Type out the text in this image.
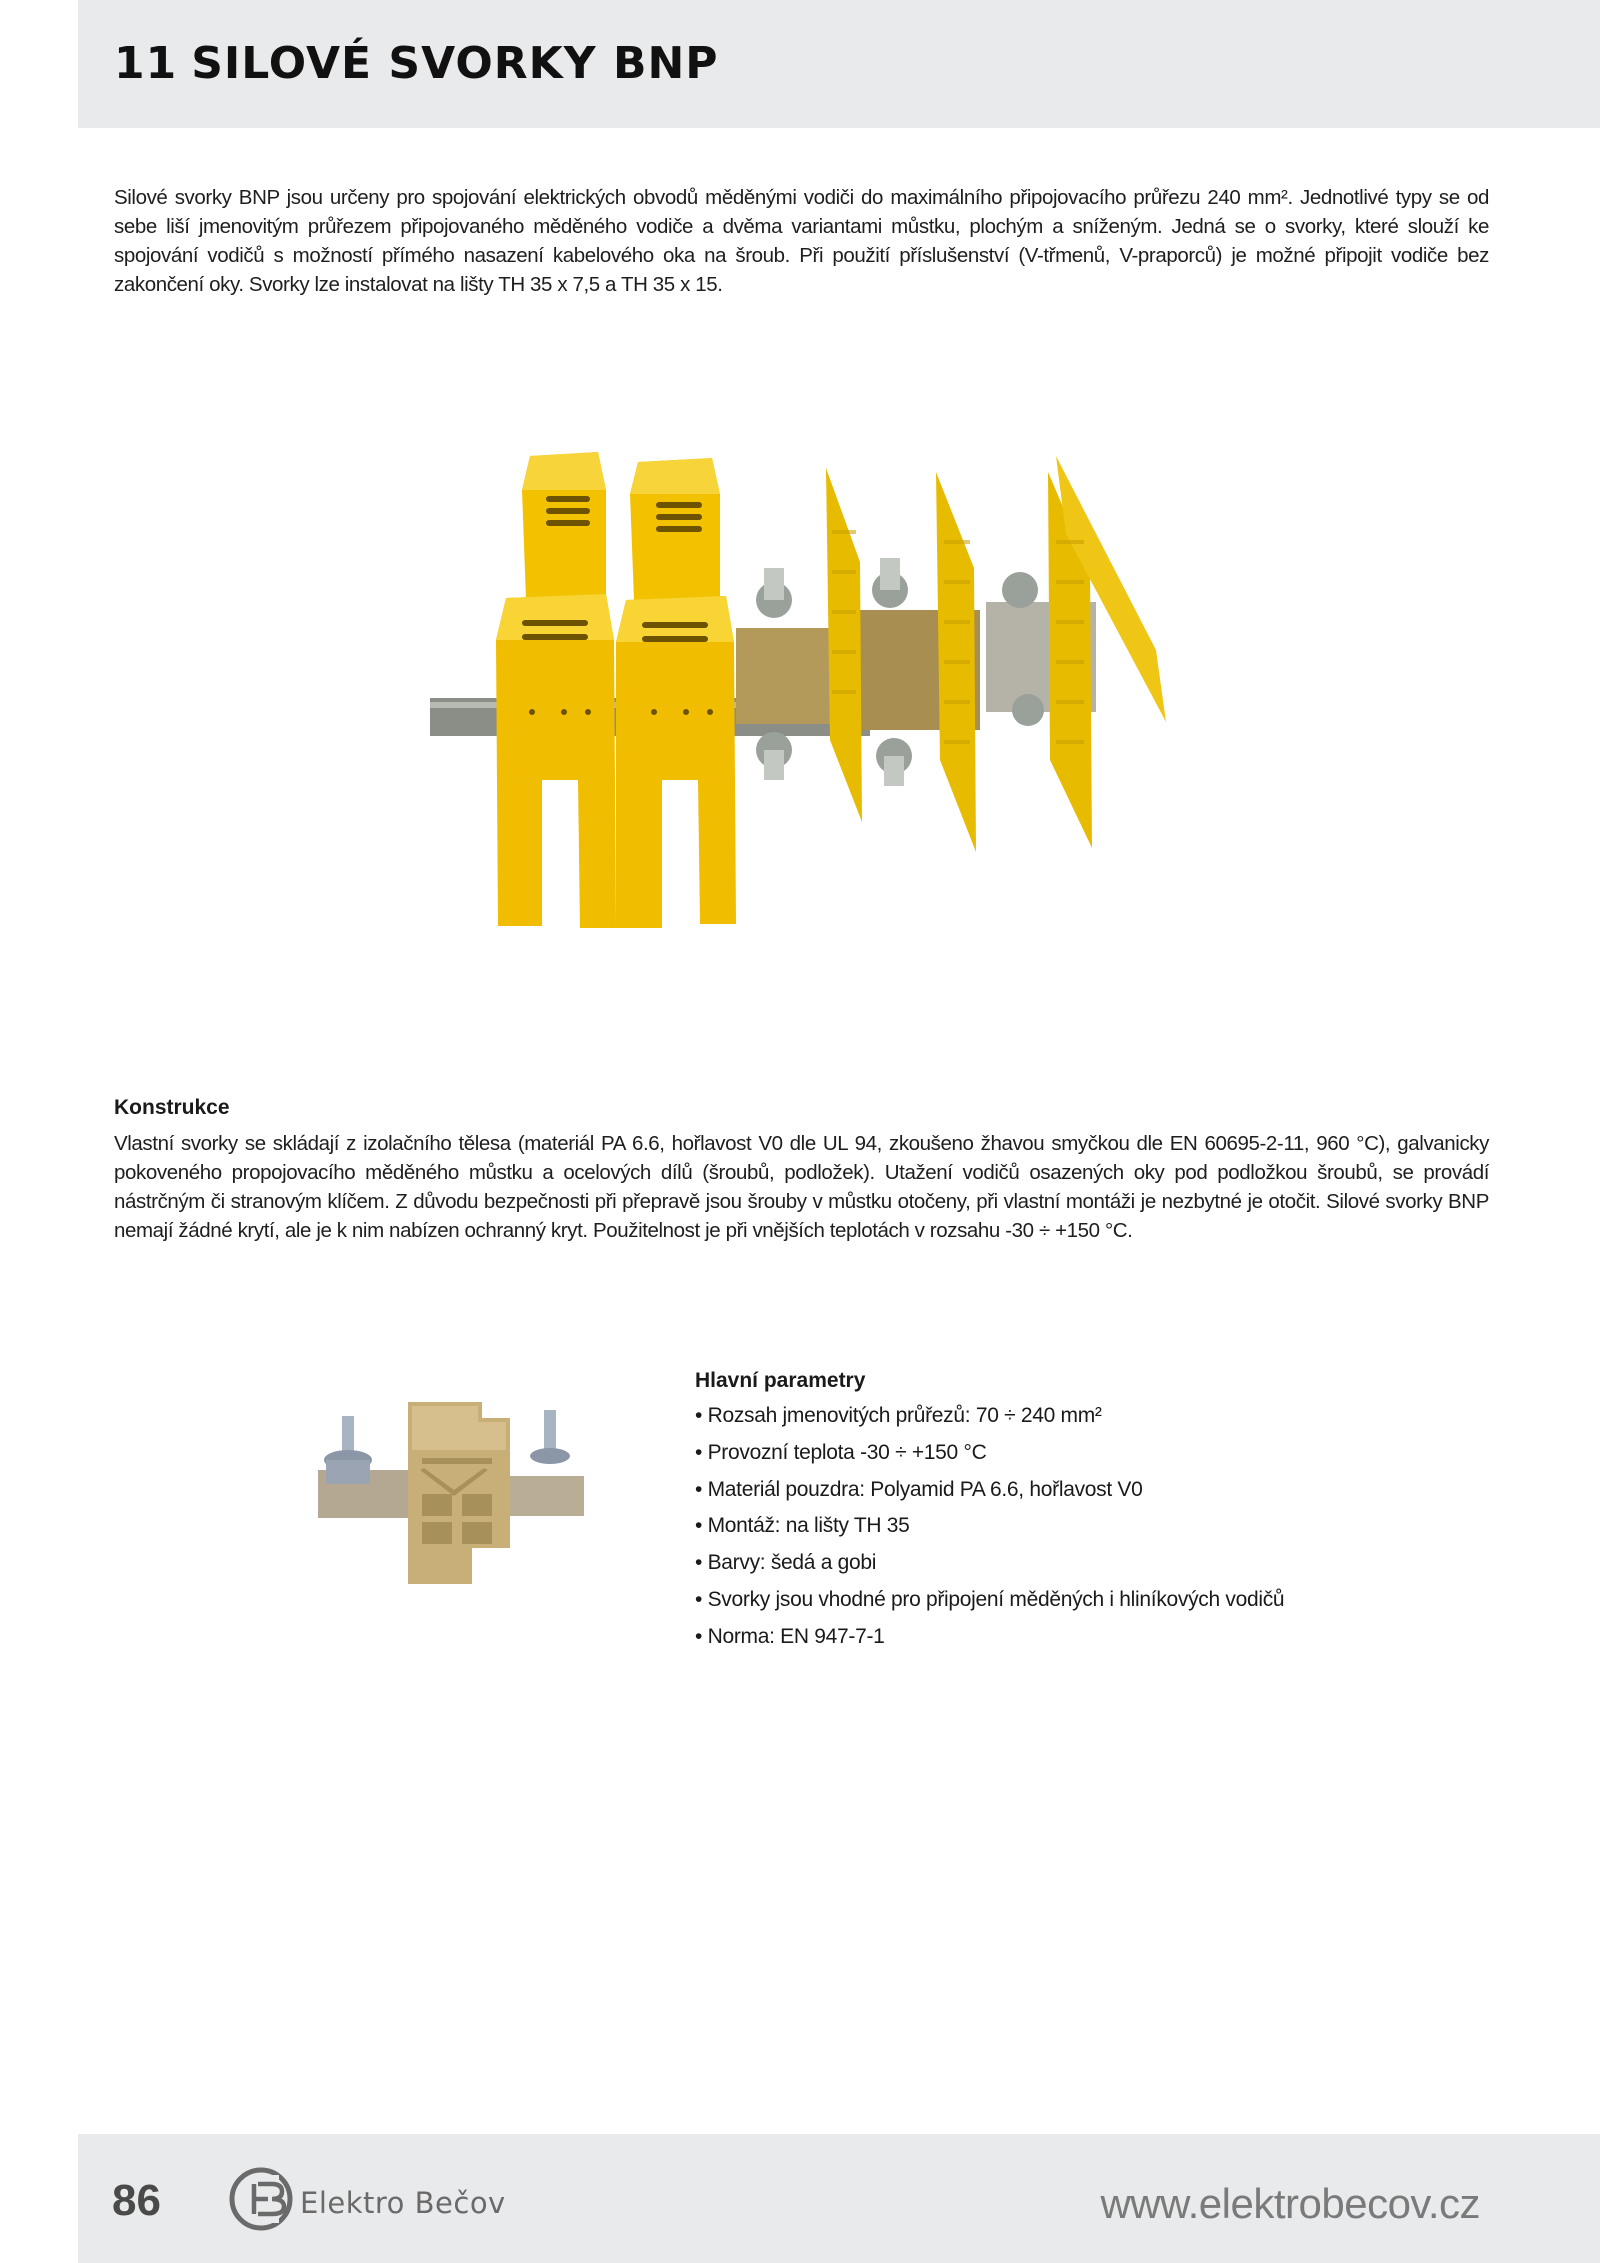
11 SILOVÉ SVORKY BNP

Silové svorky BNP jsou určeny pro spojování elektrických obvodů měděnými vodiči do maximálního připojovacího průřezu 240 mm². Jednotlivé typy se od sebe liší jmenovitým průřezem připojovaného měděného vodiče a dvěma variantami můstku, plochým a sníženým. Jedná se o svorky, které slouží ke spojování vodičů s možností přímého nasazení kabelového oka na šroub. Při použití příslušenství (V-třmenů, V-praporců) je možné připojit vodiče bez zakončení oky. Svorky lze instalovat na lišty TH 35 x 7,5 a TH 35 x 15.

Konstrukce

Vlastní svorky se skládají z izolačního tělesa (materiál PA 6.6, hořlavost V0 dle UL 94, zkoušeno žhavou smyčkou dle EN 60695-2-11, 960 °C), galvanicky pokoveného propojovacího měděného můstku a ocelových dílů (šroubů, podložek). Utažení vodičů osazených oky pod podložkou šroubů, se provádí nástrčným či stranovým klíčem. Z důvodu bezpečnosti při přepravě jsou šrouby v můstku otočeny, při vlastní montáži je nezbytné je otočit. Silové svorky BNP nemají žádné krytí, ale je k nim nabízen ochranný kryt. Použitelnost je při vnějších teplotách v rozsahu -30 ÷ +150 °C.

Hlavní parametry
• Rozsah jmenovitých průřezů: 70 ÷ 240 mm²
• Provozní teplota -30 ÷ +150 °C
• Materiál pouzdra: Polyamid PA 6.6, hořlavost V0
• Montáž: na lišty TH 35
• Barvy: šedá a gobi
• Svorky jsou vhodné pro připojení měděných i hliníkových vodičů
• Norma: EN 947-7-1

86	Elektro Bečov	www.elektrobecov.cz
